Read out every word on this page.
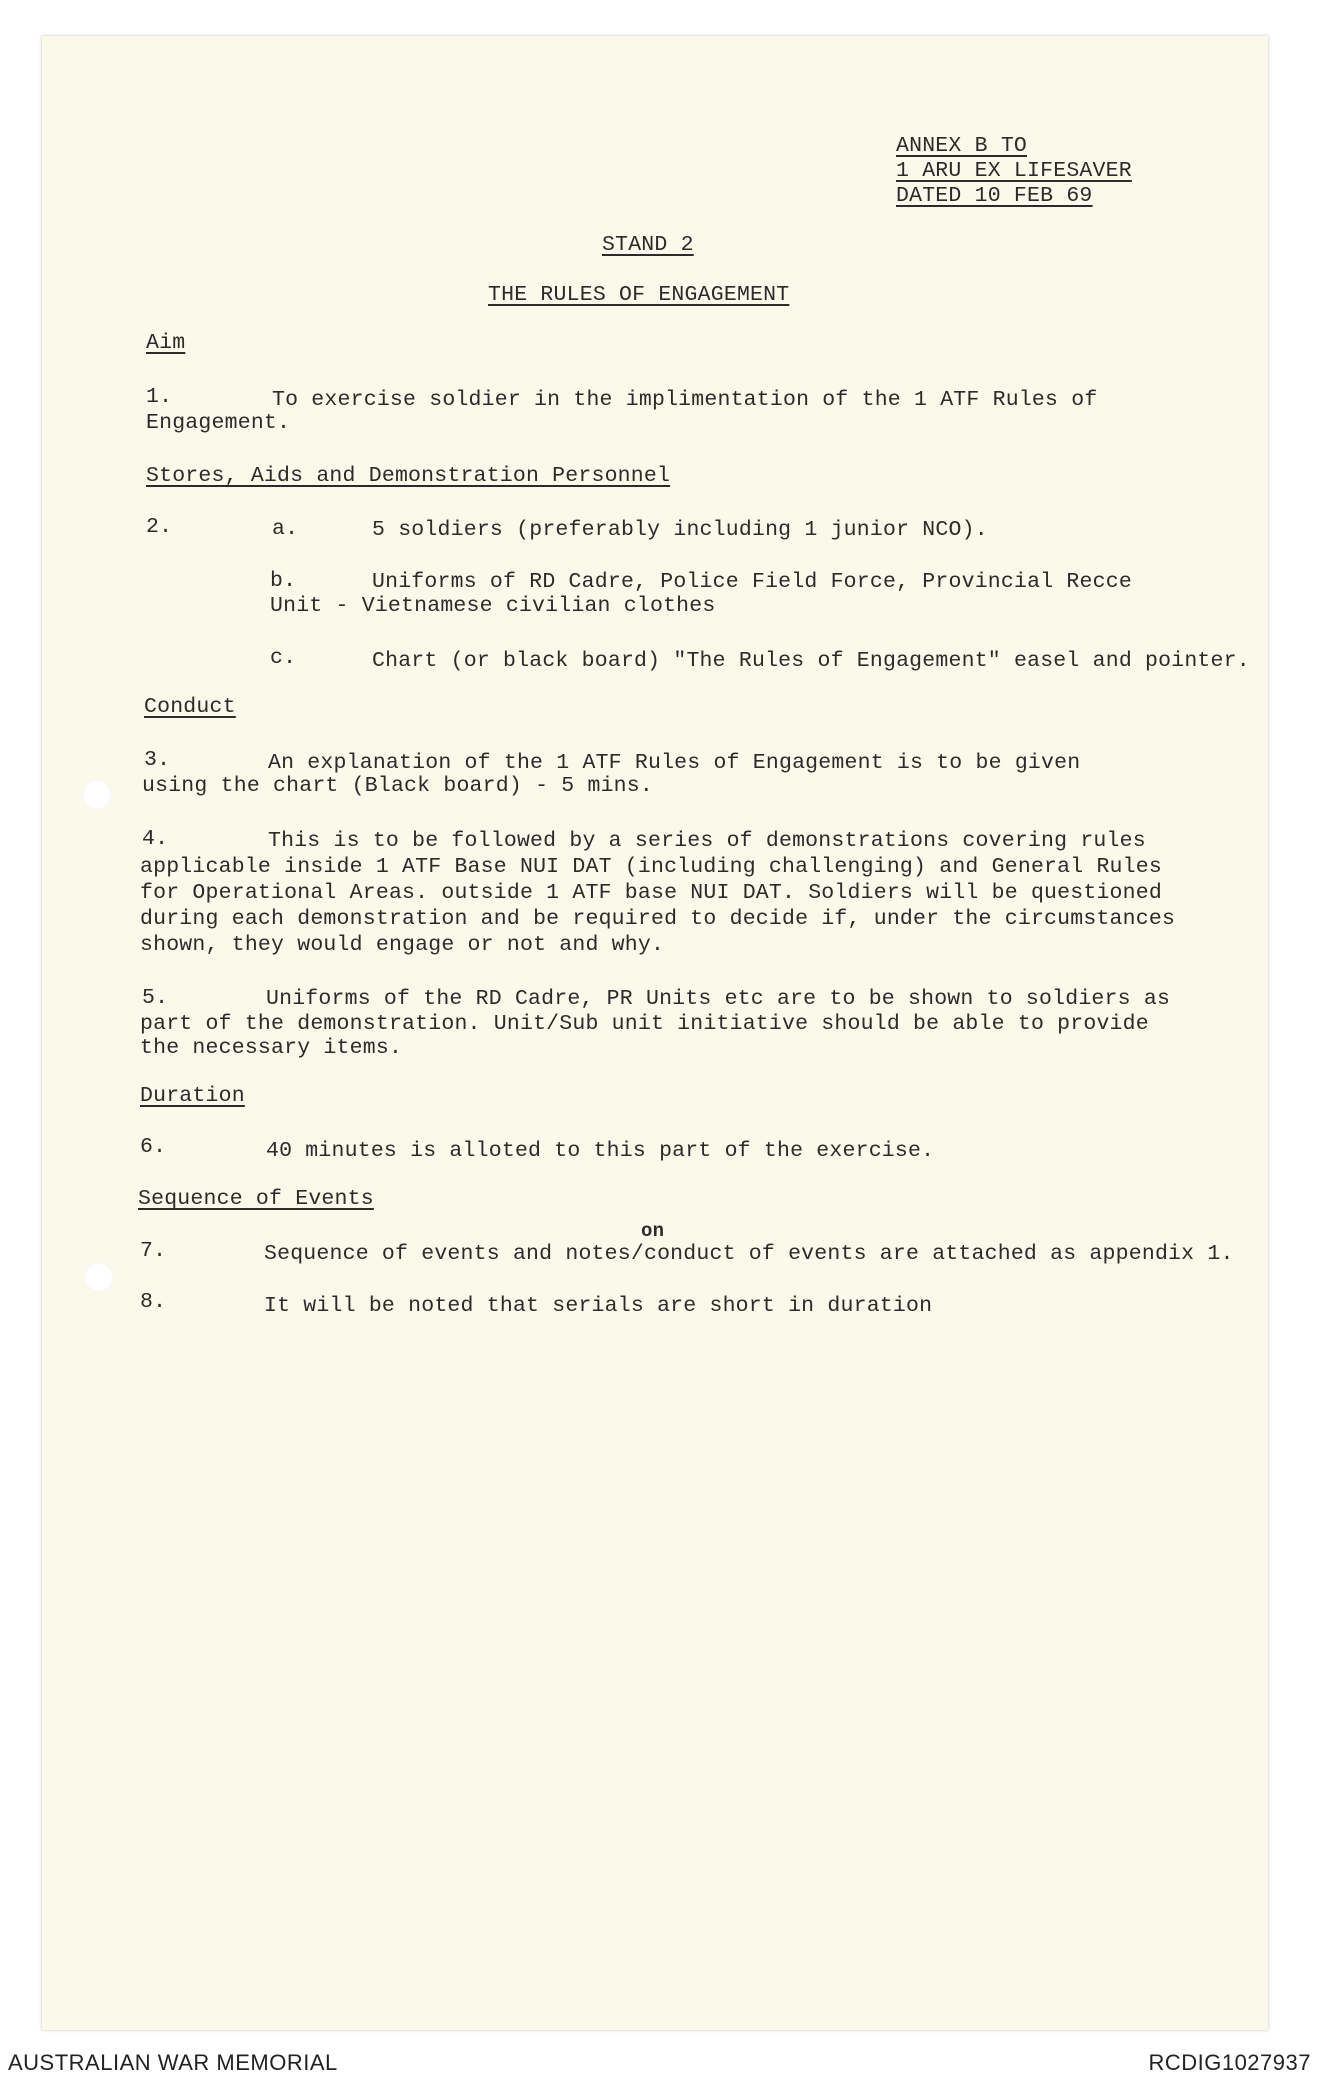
ANNEX B TO
1 ARU EX LIFESAVER
DATED 10 FEB 69
STAND 2
THE RULES OF ENGAGEMENT
Aim
1.	To exercise soldier in the implimentation of the 1 ATF Rules of
Engagement.
Stores, Aids and Demonstration Personnel
2.	a.	5 soldiers (preferably including 1 junior NCO).
b.	Uniforms of RD Cadre, Police Field Force, Provincial Recce
Unit - Vietnamese civilian clothes
c.	Chart (or black board) "The Rules of Engagement" easel and pointer.
Conduct
3.	An explanation of the 1 ATF Rules of Engagement is to be given
using the chart (Black board) - 5 mins.
4.	This is to be followed by a series of demonstrations covering rules
applicable inside 1 ATF Base NUI DAT (including challenging) and General Rules
for Operational Areas. outside 1 ATF base NUI DAT. Soldiers will be questioned
during each demonstration and be required to decide if, under the circumstances
shown, they would engage or not and why.
5.	Uniforms of the RD Cadre, PR Units etc are to be shown to soldiers as
part of the demonstration. Unit/Sub unit initiative should be able to provide
the necessary items.
Duration
6.	40 minutes is alloted to this part of the exercise.
Sequence of Events
on
7.	Sequence of events and notes/conduct of events are attached as appendix 1.
8.	It will be noted that serials are short in duration
AUSTRALIAN WAR MEMORIAL	RCDIG1027937
